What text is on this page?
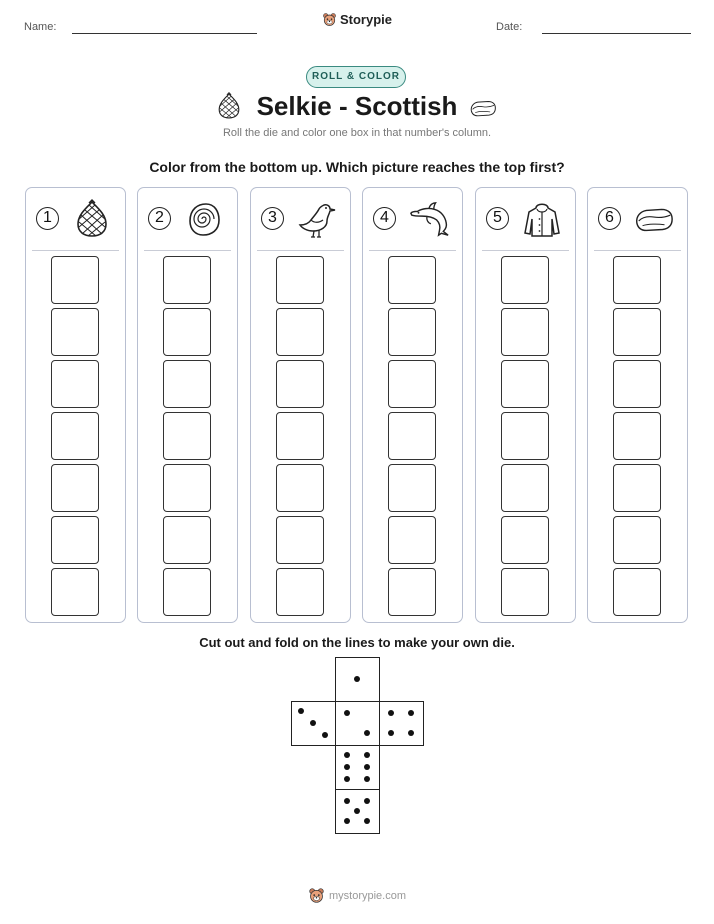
Name:	Storypie	Date:
ROLL & COLOR
Selkie - Scottish
Roll the die and color one box in that number's column.
Color from the bottom up. Which picture reaches the top first?
1	2	3	4	5	6
Cut out and fold on the lines to make your own die.
mystorypie.com
